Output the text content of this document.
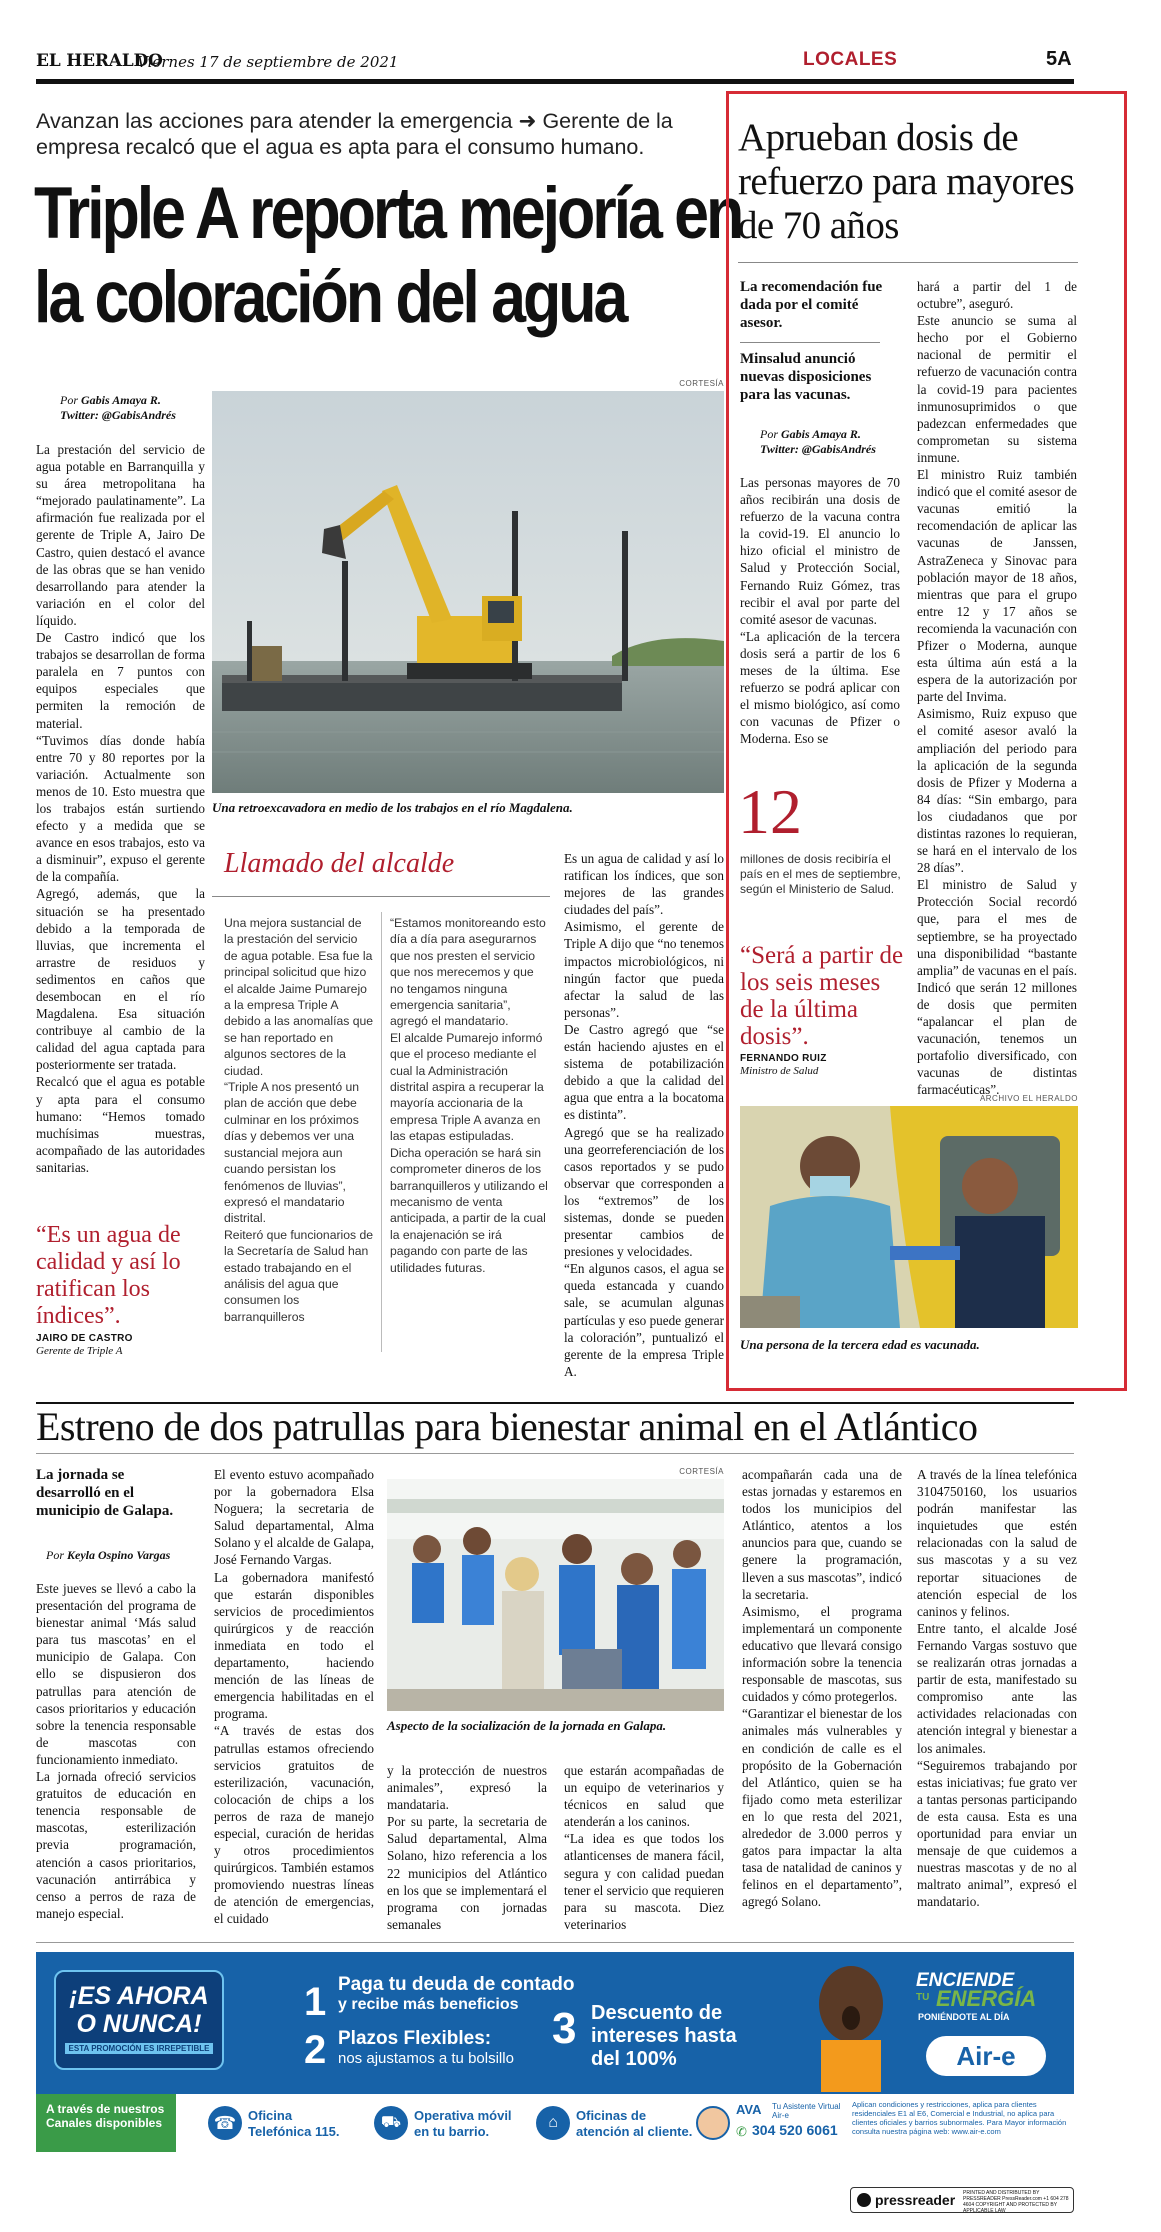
EL HERALDO
Viernes 17 de septiembre de 2021	LOCALES	5A
Avanzan las acciones para atender la emergencia ➜ Gerente de la empresa recalcó que el agua es apta para el consumo humano.
Triple A reporta mejoría en la coloración del agua
Por Gabis Amaya R.
Twitter: @GabisAndrés
La prestación del servicio de agua potable en Barranquilla y su área metropolitana ha “mejorado paulatinamente”. La afirmación fue realizada por el gerente de Triple A, Jairo De Castro, quien destacó el avance de las obras que se han venido desarrollando para atender la variación en el color del líquido.
De Castro indicó que los trabajos se desarrollan de forma paralela en 7 puntos con equipos especiales que permiten la remoción de material.
“Tuvimos días donde había entre 70 y 80 reportes por la variación. Actualmente son menos de 10. Esto muestra que los trabajos están surtiendo efecto y a medida que se avance en esos trabajos, esto va a disminuir”, expuso el gerente de la compañía.
Agregó, además, que la situación se ha presentado debido a la temporada de lluvias, que incrementa el arrastre de residuos y sedimentos en caños que desembocan en el río Magdalena. Esa situación contribuye al cambio de la calidad del agua captada para posteriormente ser tratada.
Recalcó que el agua es potable y apta para el consumo humano: “Hemos tomado muchísimas muestras, acompañado de las autoridades sanitarias.
CORTESÍA
Una retroexcavadora en medio de los trabajos en el río Magdalena.
Llamado del alcalde
Una mejora sustancial de la prestación del servicio de agua potable. Esa fue la principal solicitud que hizo el alcalde Jaime Pumarejo a la empresa Triple A debido a las anomalías que se han reportado en algunos sectores de la ciudad.
“Triple A nos presentó un plan de acción que debe culminar en los próximos días y debemos ver una sustancial mejora aun cuando persistan los fenómenos de lluvias”, expresó el mandatario distrital.
Reiteró que funcionarios de la Secretaría de Salud han estado trabajando en el análisis del agua que consumen los barranquilleros
“Estamos monitoreando esto día a día para asegurarnos que nos presten el servicio que nos merecemos y que no tengamos ninguna emergencia sanitaria”, agregó el mandatario.
El alcalde Pumarejo informó que el proceso mediante el cual la Administración distrital aspira a recuperar la mayoría accionaria de la empresa Triple A avanza en las etapas estipuladas.
Dicha operación se hará sin comprometer dineros de los barranquilleros y utilizando el mecanismo de venta anticipada, a partir de la cual la enajenación se irá pagando con parte de las utilidades futuras.
Es un agua de calidad y así lo ratifican los índices, que son mejores de las grandes ciudades del país”.
Asimismo, el gerente de Triple A dijo que “no tenemos impactos microbiológicos, ni ningún factor que pueda afectar la salud de las personas”.
De Castro agregó que “se están haciendo ajustes en el sistema de potabilización debido a que la calidad del agua que entra a la bocatoma es distinta”.
Agregó que se ha realizado una georreferenciación de los casos reportados y se pudo observar que corresponden a los “extremos” de los sistemas, donde se pueden presentar cambios de presiones y velocidades.
“En algunos casos, el agua se queda estancada y cuando sale, se acumulan algunas partículas y eso puede generar la coloración”, puntualizó el gerente de la empresa Triple A.
“Es un agua de calidad y así lo ratifican los índices”.
JAIRO DE CASTRO
Gerente de Triple A
Aprueban dosis de refuerzo para mayores de 70 años
La recomendación fue dada por el comité asesor.
Minsalud anunció nuevas disposiciones para las vacunas.
Por Gabis Amaya R.
Twitter: @GabisAndrés
Las personas mayores de 70 años recibirán una dosis de refuerzo de la vacuna contra la covid-19. El anuncio lo hizo oficial el ministro de Salud y Protección Social, Fernando Ruiz Gómez, tras recibir el aval por parte del comité asesor de vacunas.
“La aplicación de la tercera dosis será a partir de los 6 meses de la última. Ese refuerzo se podrá aplicar con el mismo biológico, así como con vacunas de Pfizer o Moderna. Eso se
12
millones de dosis recibiría el país en el mes de septiembre, según el Ministerio de Salud.
“Será a partir de los seis meses de la última dosis”.
FERNANDO RUIZ
Ministro de Salud
hará a partir del 1 de octubre”, aseguró.
Este anuncio se suma al hecho por el Gobierno nacional de permitir el refuerzo de vacunación contra la covid-19 para pacientes inmunosuprimidos o que padezcan enfermedades que comprometan su sistema inmune.
El ministro Ruiz también indicó que el comité asesor de vacunas emitió la recomendación de aplicar las vacunas de Janssen, AstraZeneca y Sinovac para población mayor de 18 años, mientras que para el grupo entre 12 y 17 años se recomienda la vacunación con Pfizer o Moderna, aunque esta última aún está a la espera de la autorización por parte del Invima.
Asimismo, Ruiz expuso que el comité asesor avaló la ampliación del periodo para la aplicación de la segunda dosis de Pfizer y Moderna a 84 días: “Sin embargo, para los ciudadanos que por distintas razones lo requieran, se hará en el intervalo de los 28 días”.
El ministro de Salud y Protección Social recordó que, para el mes de septiembre, se ha proyectado una disponibilidad “bastante amplia” de vacunas en el país. Indicó que serán 12 millones de dosis que permiten “apalancar el plan de vacunación, tenemos un portafolio diversificado, con vacunas de distintas farmacéuticas”.
ARCHIVO EL HERALDO
Una persona de la tercera edad es vacunada.
Estreno de dos patrullas para bienestar animal en el Atlántico
La jornada se desarrolló en el municipio de Galapa.
Por Keyla Ospino Vargas
Este jueves se llevó a cabo la presentación del programa de bienestar animal ‘Más salud para tus mascotas’ en el municipio de Galapa. Con ello se dispusieron dos patrullas para atención de casos prioritarios y educación sobre la tenencia responsable de mascotas con funcionamiento inmediato.
La jornada ofreció servicios gratuitos de educación en tenencia responsable de mascotas, esterilización previa programación, atención a casos prioritarios, vacunación antirrábica y censo a perros de raza de manejo especial.
El evento estuvo acompañado por la gobernadora Elsa Noguera; la secretaria de Salud departamental, Alma Solano y el alcalde de Galapa, José Fernando Vargas.
La gobernadora manifestó que estarán disponibles servicios de procedimientos quirúrgicos y de reacción inmediata en todo el departamento, haciendo mención de las líneas de emergencia habilitadas en el programa.
“A través de estas dos patrullas estamos ofreciendo servicios gratuitos de esterilización, vacunación, colocación de chips a los perros de raza de manejo especial, curación de heridas y otros procedimientos quirúrgicos. También estamos promoviendo nuestras líneas de atención de emergencias, el cuidado
CORTESÍA
Aspecto de la socialización de la jornada en Galapa.
y la protección de nuestros animales”, expresó la mandataria.
Por su parte, la secretaria de Salud departamental, Alma Solano, hizo referencia a los 22 municipios del Atlántico en los que se implementará el programa con jornadas semanales
que estarán acompañadas de un equipo de veterinarios y técnicos en salud que atenderán a los caninos.
“La idea es que todos los atlanticenses de manera fácil, segura y con calidad puedan tener el servicio que requieren para su mascota. Diez veterinarios
acompañarán cada una de estas jornadas y estaremos en todos los municipios del Atlántico, atentos a los anuncios para que, cuando se genere la programación, lleven a sus mascotas”, indicó la secretaria.
Asimismo, el programa implementará un componente educativo que llevará consigo información sobre la tenencia responsable de mascotas, sus cuidados y cómo protegerlos.
“Garantizar el bienestar de los animales más vulnerables y en condición de calle es el propósito de la Gobernación del Atlántico, quien se ha fijado como meta esterilizar en lo que resta del 2021, alrededor de 3.000 perros y gatos para impactar la alta tasa de natalidad de caninos y felinos en el departamento”, agregó Solano.
A través de la línea telefónica 3104750160, los usuarios podrán manifestar las inquietudes que estén relacionadas con la salud de sus mascotas y a su vez reportar situaciones de atención especial de los caninos y felinos.
Entre tanto, el alcalde José Fernando Vargas sostuvo que se realizarán otras jornadas a partir de esta, manifestado su compromiso ante las actividades relacionadas con atención integral y bienestar a los animales.
“Seguiremos trabajando por estas iniciativas; fue grato ver a tantas personas participando de esta causa. Esta es una oportunidad para enviar un mensaje de que cuidemos a nuestras mascotas y de no al maltrato animal”, expresó el mandatario.
¡ES AHORA
O NUNCA!
ESTA PROMOCIÓN ES IRREPETIBLE
1 Paga tu deuda de contado
y recibe más beneficios
2 Plazos Flexibles:
nos ajustamos a tu bolsillo
3 Descuento de
intereses hasta
del 100%
ENCIENDE
TU ENERGÍA
PONIÉNDOTE AL DÍA
Air-e
A través de nuestros Canales disponibles	☎ Oficina
Telefónica 115.
⛟ Operativa móvil
en tu barrio.
⌂	Oficinas de
atención al cliente.
AVA Tu Asistente Virtual Air-e
✆ 304 520 6061
Aplican condiciones y restricciones, aplica para clientes residenciales E1 al E6, Comercial e Industrial, no aplica para clientes oficiales y barrios subnormales. Para Mayor información consulta nuestra página web: www.air-e.com
pressreader PRINTED AND DISTRIBUTED BY PRESSREADER PressReader.com +1 604 278 4604 COPYRIGHT AND PROTECTED BY APPLICABLE LAW
